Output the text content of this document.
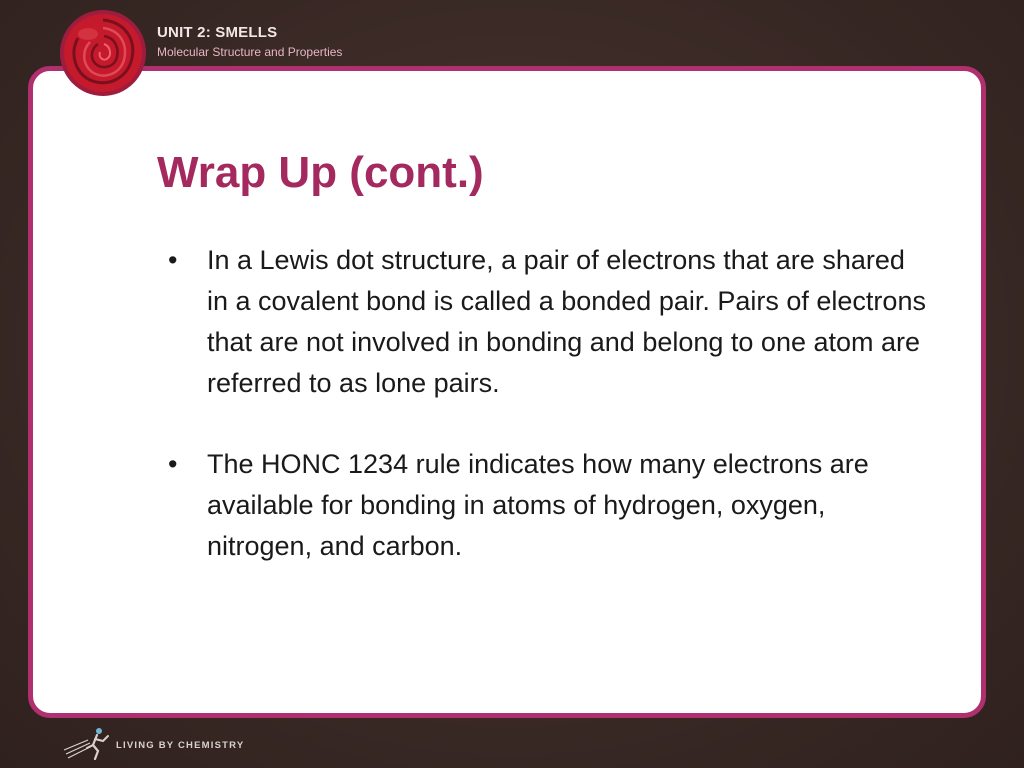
UNIT 2: SMELLS
Molecular Structure and Properties
Wrap Up (cont.)
• In a Lewis dot structure, a pair of electrons that are shared in a covalent bond is called a bonded pair. Pairs of electrons that are not involved in bonding and belong to one atom are referred to as lone pairs.
• The HONC 1234 rule indicates how many electrons are available for bonding in atoms of hydrogen, oxygen, nitrogen, and carbon.
LIVING BY CHEMISTRY
